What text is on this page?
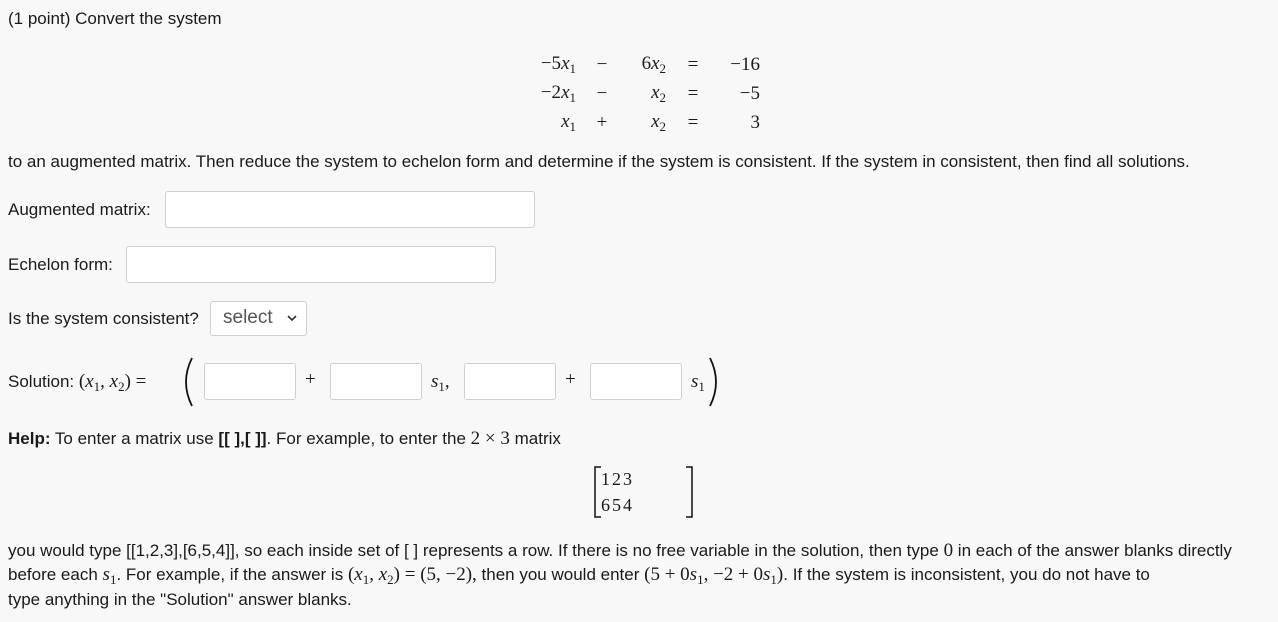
(1 point) Convert the system
$-5x_1$	−	$6x_2$	=	−16
$-2x_1$	−	$x_2$	=	−5
$x_1$	+	$x_2$	=	3
to an augmented matrix. Then reduce the system to echelon form and determine if the system is consistent. If the system in consistent, then find all solutions.
Augmented matrix:
Echelon form:
Is the system consistent?	select
Solution: ($x_1$, $x_2$) =	+	$s_1$,	+	$s_1$
Help: To enter a matrix use [[ ],[ ]]. For example, to enter the 2 × 3 matrix
1	2	3
6	5	4
you would type [[1,2,3],[6,5,4]], so each inside set of [ ] represents a row. If there is no free variable in the solution, then type 0 in each of the answer blanks directly
before each $s_1$. For example, if the answer is ($x_1$, $x_2) = (5$, −2), then you would enter ($5 + 0s_1$, $-2 + 0s_1$). If the system is inconsistent, you do not have to
type anything in the "Solution" answer blanks.
